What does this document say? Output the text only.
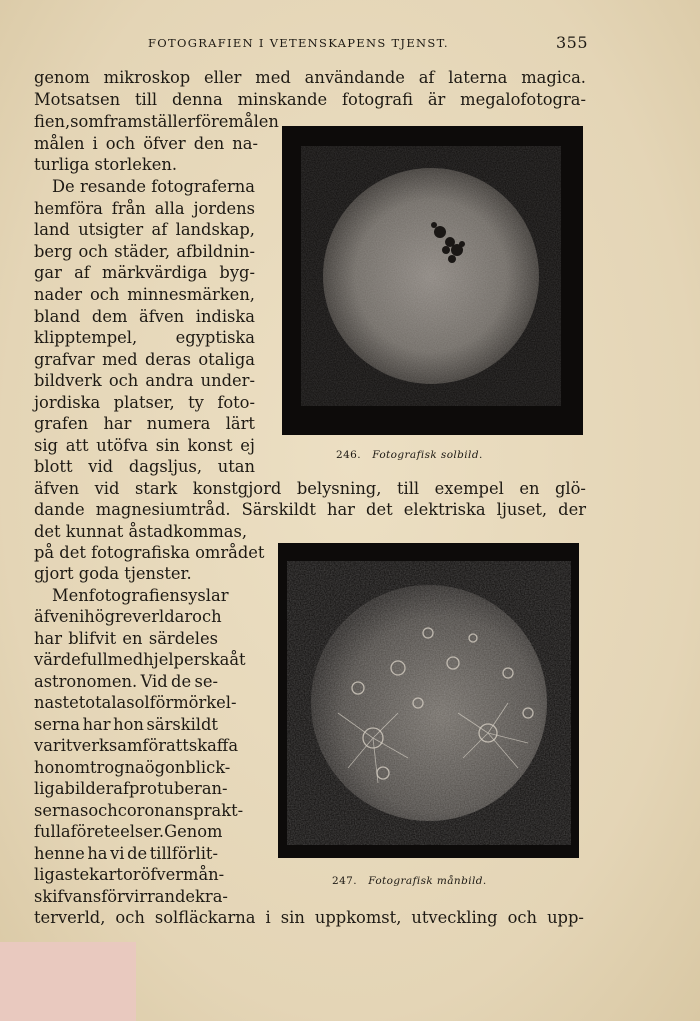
FOTOGRAFIEN I VETENSKAPENS TJENST.	355
genom mikroskop eller med användande af laterna magica.
Motsatsen till denna minskande fotografi är megalofotogra-
fien, som framställer föremålen
målen i och öfver den na-
turliga storleken.
De resande fotograferna
hemföra från alla jordens
land utsigter af landskap,
berg och städer, afbildnin-
gar af märkvärdiga byg-
nader och minnesmärken,
bland dem äfven indiska
klipptempel, egyptiska
grafvar med deras otaliga
bildverk och andra under-
jordiska platser, ty foto-
grafen har numera lärt
sig att utöfva sin konst ej
blott vid dagsljus, utan
äfven vid stark konstgjord belysning, till exempel en glö-
dande magnesiumtråd. Särskildt har det elektriska ljuset, der
det kunnat åstadkommas,
på det fotografiska området
gjort goda tjenster.
Men fotografien syslar
äfven i högre verldar och
har blifvit en särdeles
värdefull medhjelperska åt
astronomen. Vid de se-
naste totala solförmörkel-
serna har hon särskildt
varit verksam för att skaffa
honom trogna ögonblick-
liga bilder af protuberan-
sernas och coronans prakt-
fulla företeelser. Genom
henne ha vi de tillförlit-
ligaste kartor öfver mån-
skifvans förvirrande kra-
terverld, och solfläckarna i sin uppkomst, utveckling och upp-
246. Fotografisk solbild.
247. Fotografisk månbild.
